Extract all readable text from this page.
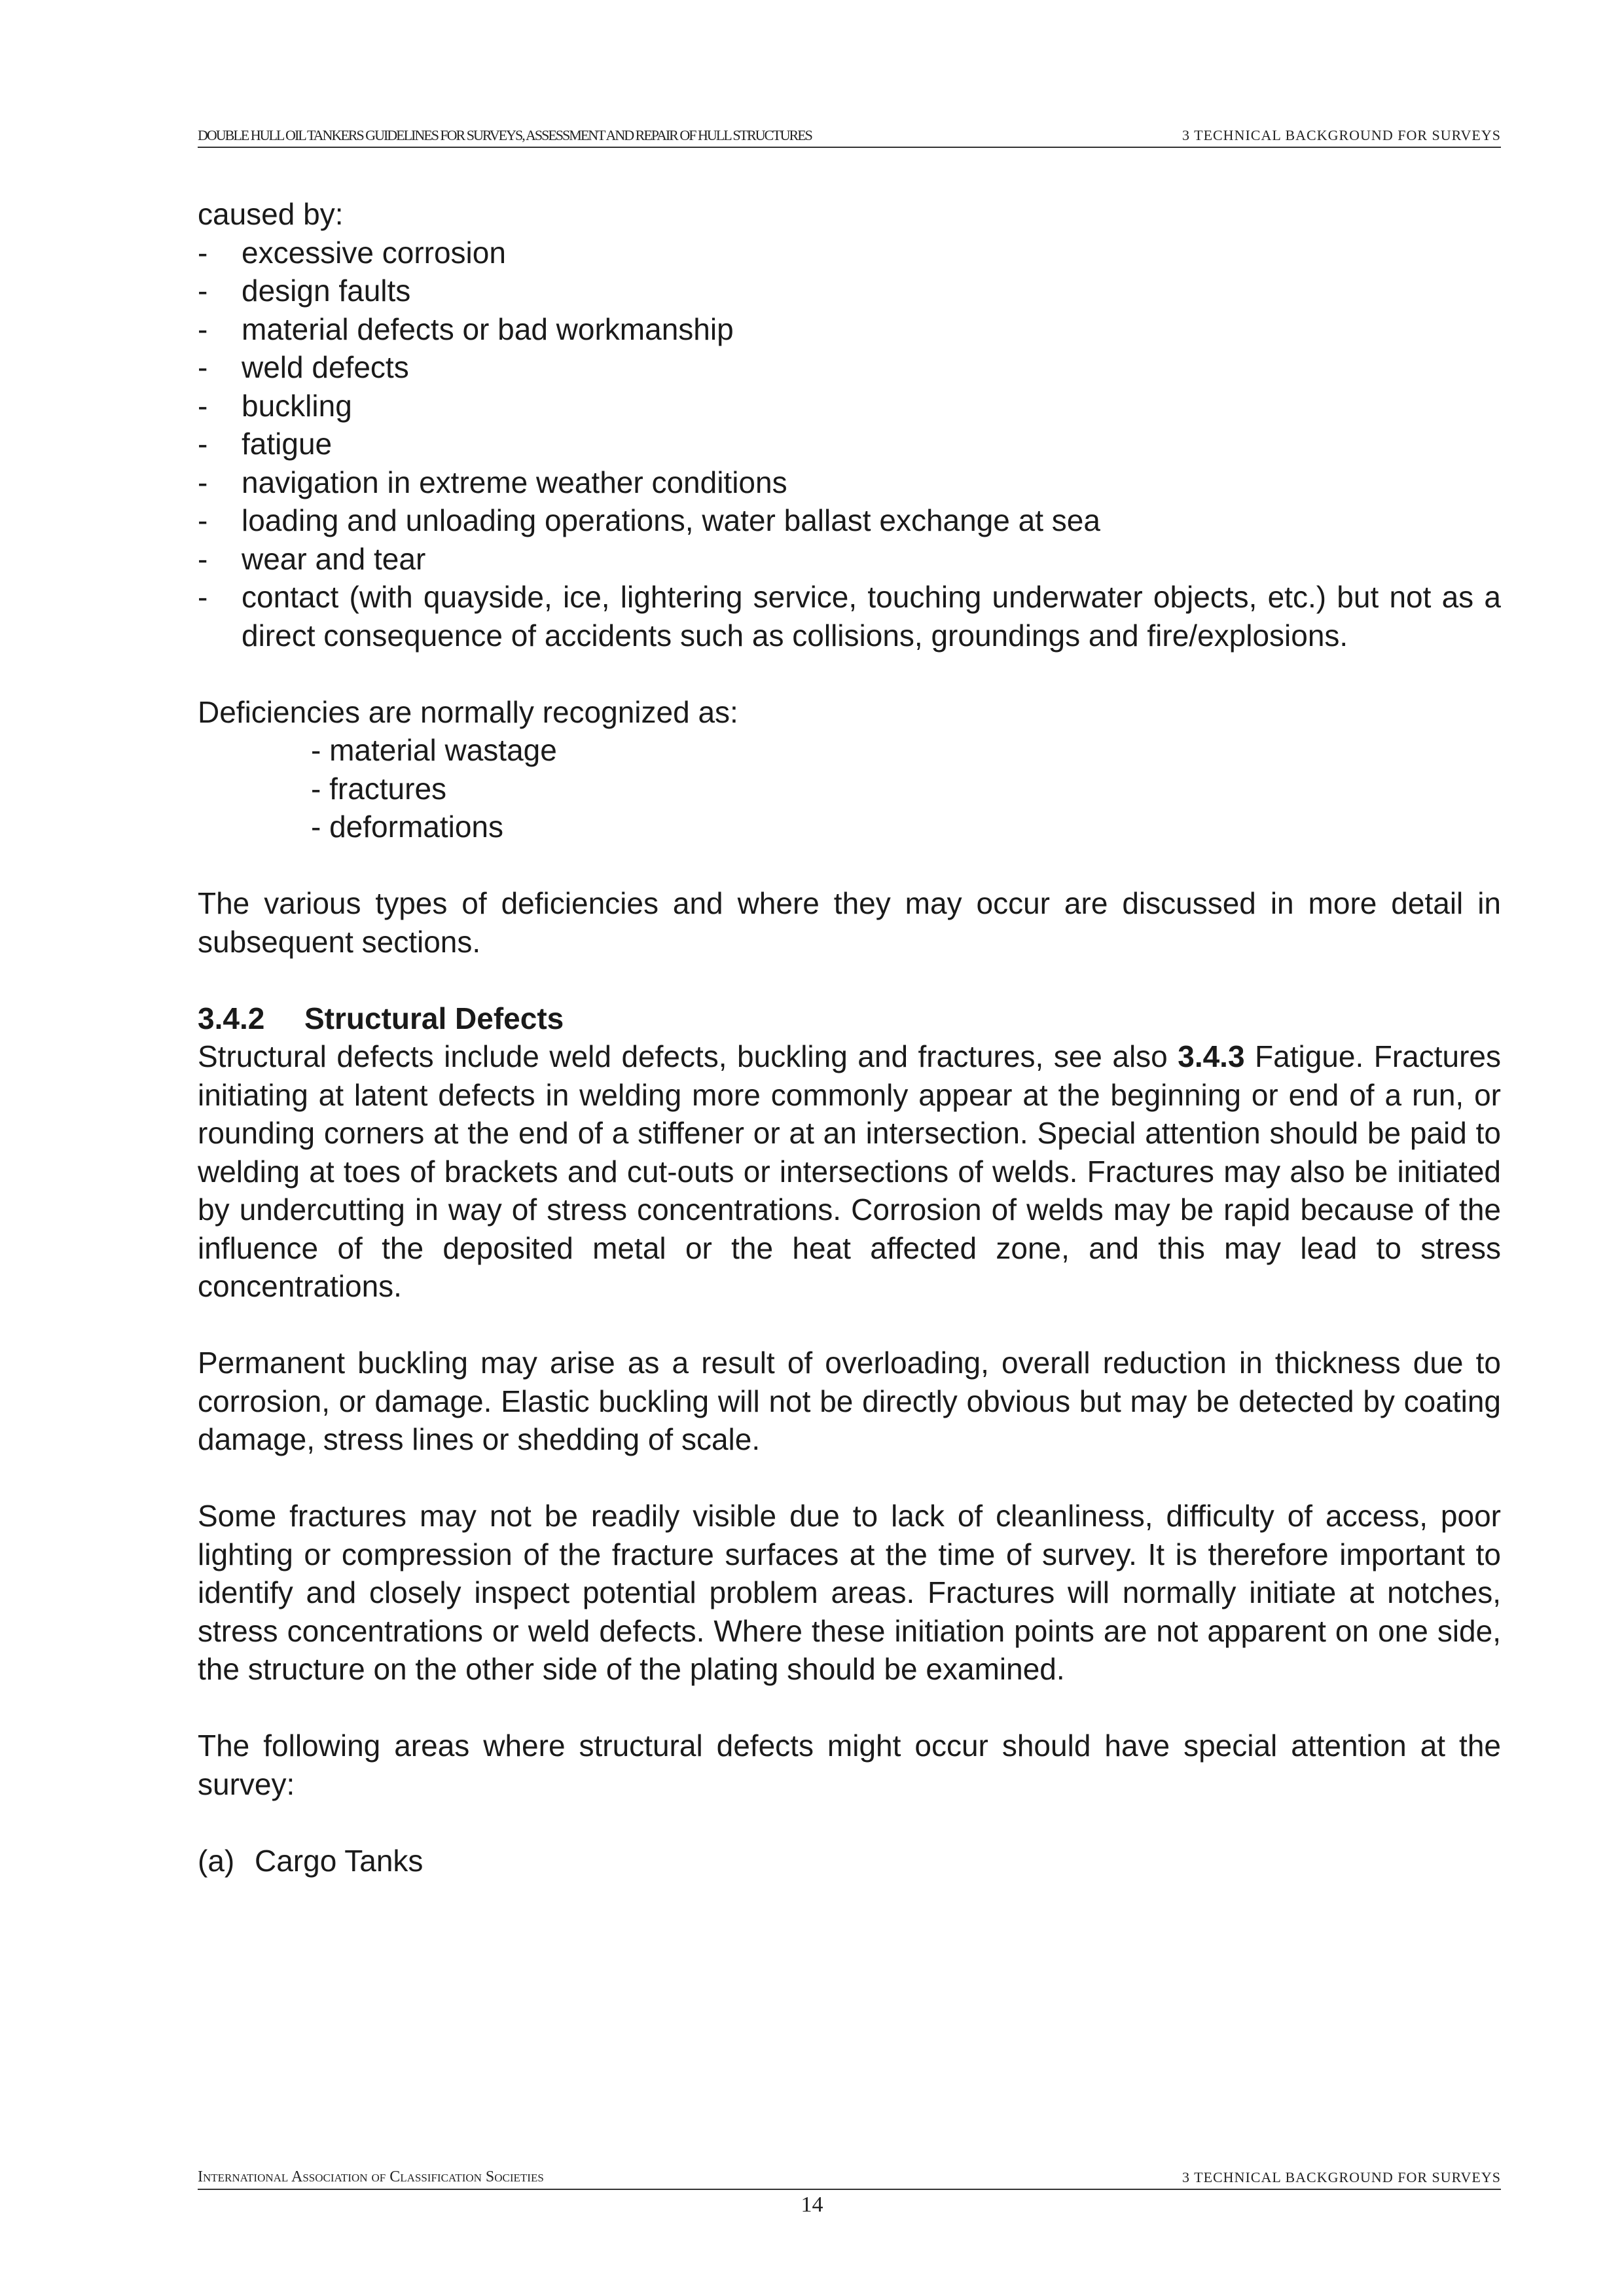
DOUBLE HULL OIL TANKERS GUIDELINES FOR SURVEYS, ASSESSMENT AND REPAIR OF HULL STRUCTURES	3 TECHNICAL BACKGROUND FOR SURVEYS

caused by:

- excessive corrosion
- design faults
- material defects or bad workmanship
- weld defects
- buckling
- fatigue
- navigation in extreme weather conditions
- loading and unloading operations, water ballast exchange at sea
- wear and tear
- contact (with quayside, ice, lightering service, touching underwater objects, etc.) but not as a direct consequence of accidents such as collisions, groundings and fire/explosions.

Deficiencies are normally recognized as:

- material wastage
- fractures
- deformations

The various types of deficiencies and where they may occur are discussed in more detail in subsequent sections.

3.4.2 Structural Defects

Structural defects include weld defects, buckling and fractures, see also 3.4.3 Fatigue. Fractures initiating at latent defects in welding more commonly appear at the beginning or end of a run, or rounding corners at the end of a stiffener or at an intersection. Special attention should be paid to welding at toes of brackets and cut-outs or intersections of welds. Fractures may also be initiated by undercutting in way of stress concentrations. Corrosion of welds may be rapid because of the influence of the deposited metal or the heat affected zone, and this may lead to stress concentrations.

Permanent buckling may arise as a result of overloading, overall reduction in thickness due to corrosion, or damage. Elastic buckling will not be directly obvious but may be detected by coating damage, stress lines or shedding of scale.

Some fractures may not be readily visible due to lack of cleanliness, difficulty of access, poor lighting or compression of the fracture surfaces at the time of survey. It is therefore important to identify and closely inspect potential problem areas. Fractures will normally initiate at notches, stress concentrations or weld defects. Where these initiation points are not apparent on one side, the structure on the other side of the plating should be examined.

The following areas where structural defects might occur should have special attention at the survey:

(a) Cargo Tanks

International Association of Classification Societies	3 TECHNICAL BACKGROUND FOR SURVEYS
14
